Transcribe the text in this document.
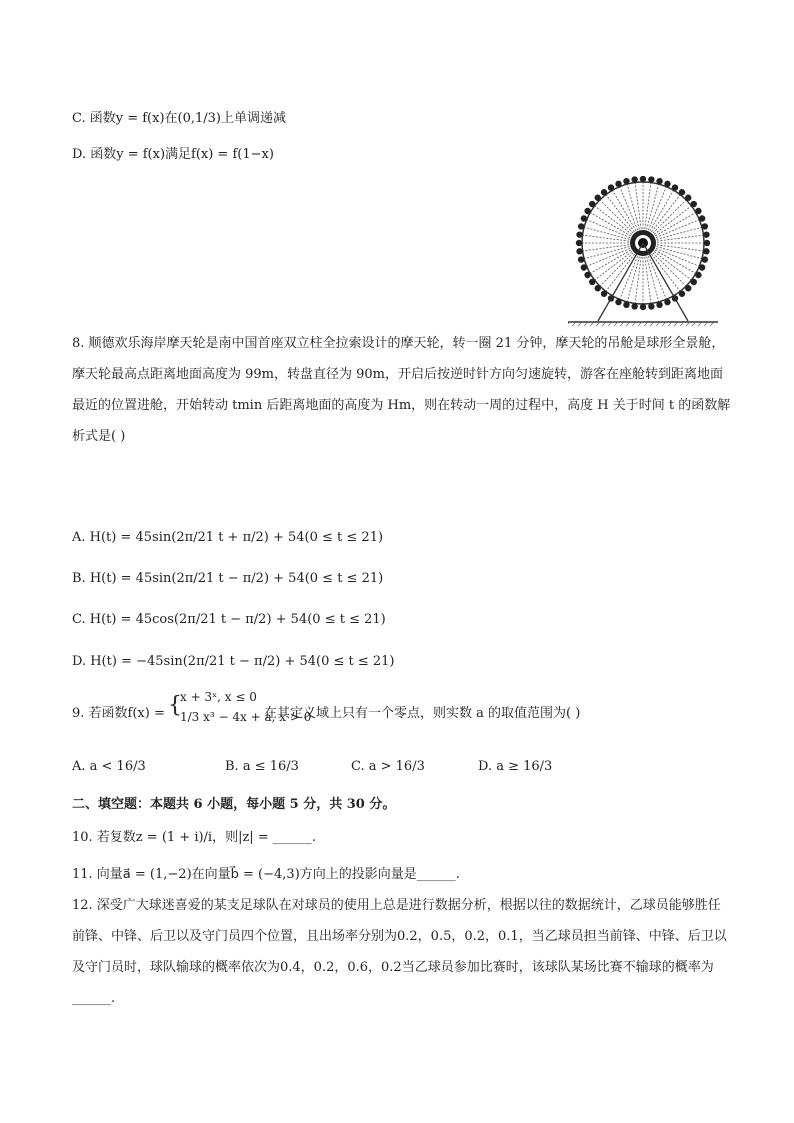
C. 函数y = f(x)在(0,1/3)上单调递减
D. 函数y = f(x)满足f(x) = f(1−x)
8. 顺德欢乐海岸摩天轮是南中国首座双立柱全拉索设计的摩天轮，转一圈 21 分钟，摩天轮的吊舱是球形全景舱，摩天轮最高点距离地面高度为 99m，转盘直径为 90m，开启后按逆时针方向匀速旋转，游客在座舱转到距离地面最近的位置进舱，开始转动 tmin 后距离地面的高度为 Hm，则在转动一周的过程中，高度 H 关于时间 t 的函数解析式是( )
A. H(t) = 45sin(2π/21 t + π/2) + 54(0 ≤ t ≤ 21)
B. H(t) = 45sin(2π/21 t − π/2) + 54(0 ≤ t ≤ 21)
C. H(t) = 45cos(2π/21 t − π/2) + 54(0 ≤ t ≤ 21)
D. H(t) = −45sin(2π/21 t − π/2) + 54(0 ≤ t ≤ 21)
9. 若函数f(x) = {
x + 3ˣ, x ≤ 0
1/3 x³ − 4x + a, x > 0
在其定义域上只有一个零点，则实数 a 的取值范围为( )
A. a < 16/3	B. a ≤ 16/3	C. a > 16/3	D. a ≥ 16/3
二、填空题：本题共 6 小题，每小题 5 分，共 30 分。
10. 若复数z = (1 + i)/i，则|z| = ______.
11. 向量a⃗ = (1,−2)在向量b⃗ = (−4,3)方向上的投影向量是______.
12. 深受广大球迷喜爱的某支足球队在对球员的使用上总是进行数据分析，根据以往的数据统计，乙球员能够胜任前锋、中锋、后卫以及守门员四个位置，且出场率分别为0.2，0.5，0.2，0.1，当乙球员担当前锋、中锋、后卫以及守门员时，球队输球的概率依次为0.4，0.2，0.6，0.2当乙球员参加比赛时，该球队某场比赛不输球的概率为______.
